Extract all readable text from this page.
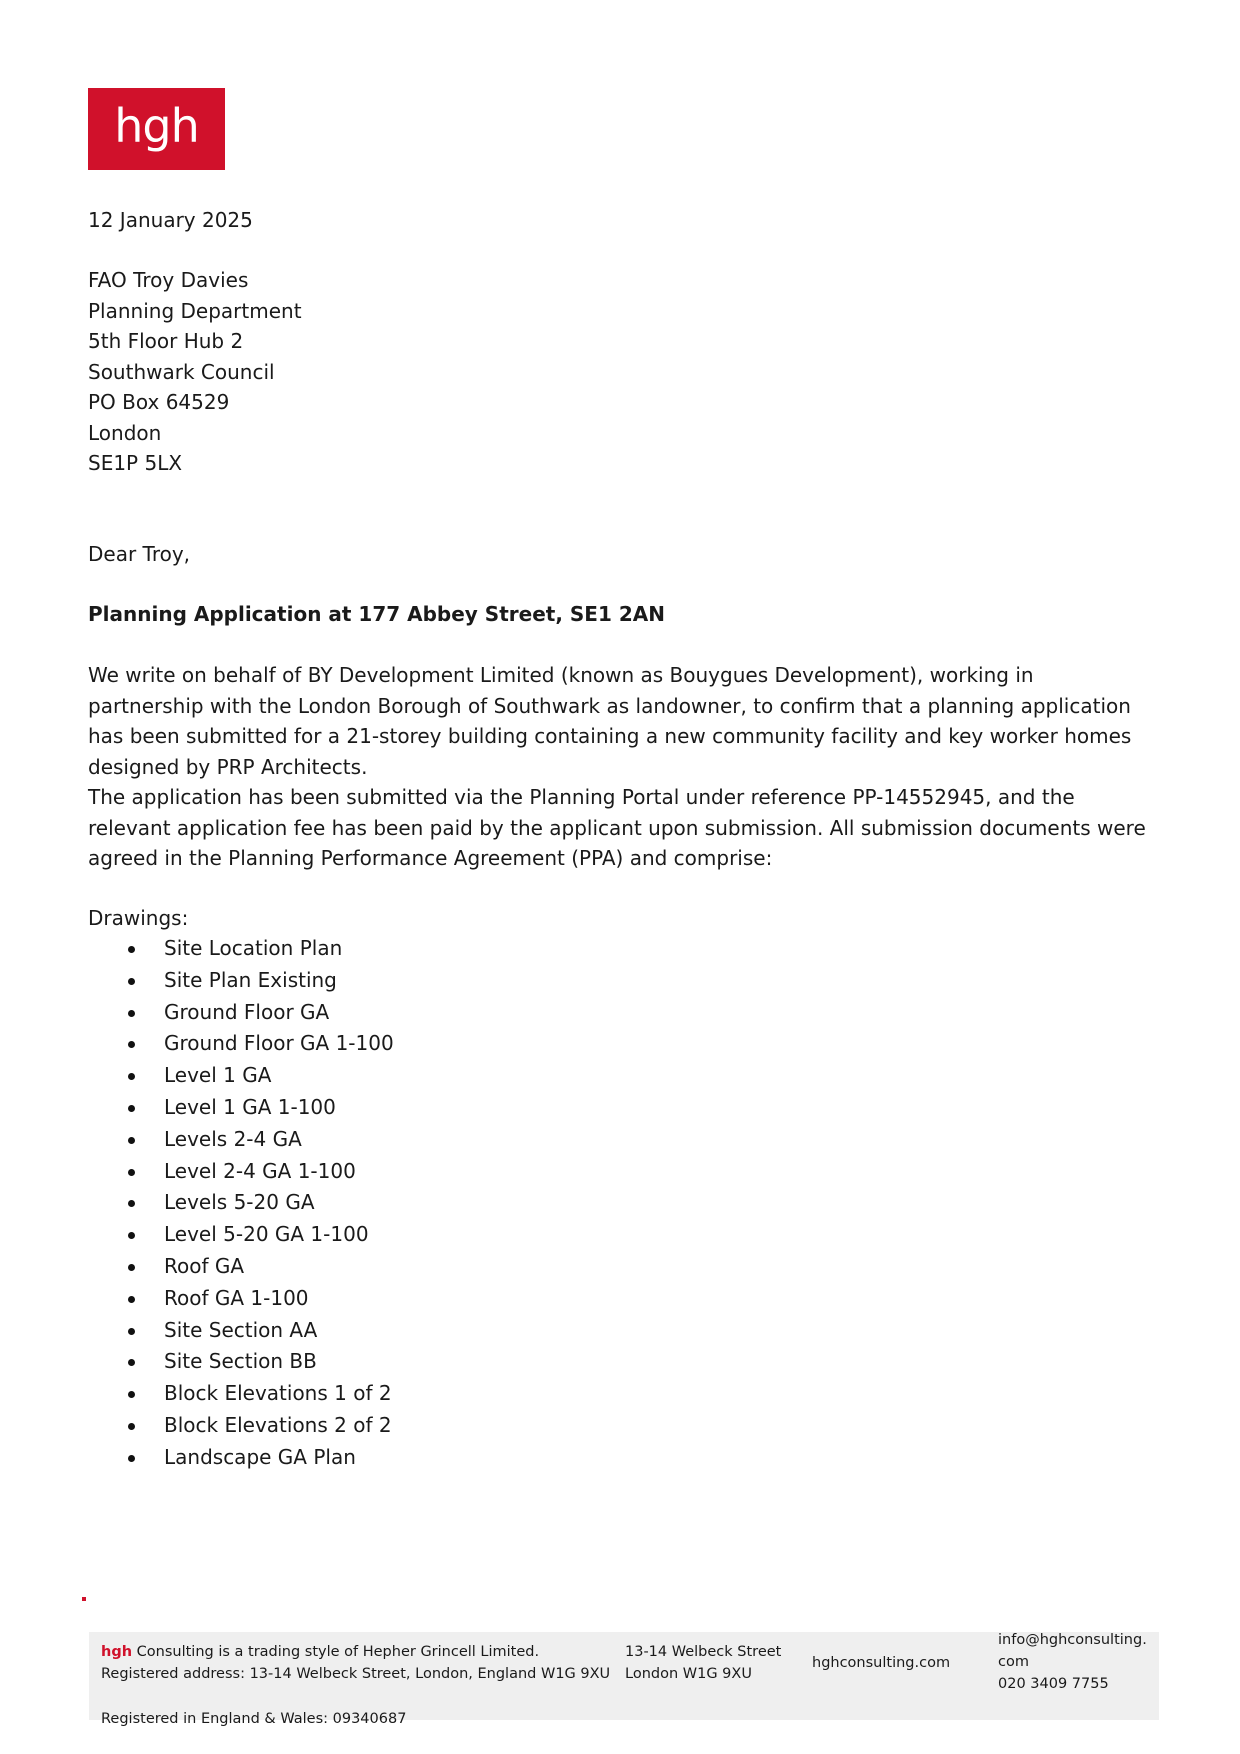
hgh
12 January 2025
FAO Troy Davies
Planning Department
5th Floor Hub 2
Southwark Council
PO Box 64529
London
SE1P 5LX
Dear Troy,
Planning Application at 177 Abbey Street, SE1 2AN
We write on behalf of BY Development Limited (known as Bouygues Development), working in partnership with the London Borough of Southwark as landowner, to confirm that a planning application has been submitted for a 21-storey building containing a new community facility and key worker homes designed by PRP Architects.
The application has been submitted via the Planning Portal under reference PP-14552945, and the relevant application fee has been paid by the applicant upon submission. All submission documents were agreed in the Planning Performance Agreement (PPA) and comprise:
Drawings:
Site Location Plan
Site Plan Existing
Ground Floor GA
Ground Floor GA 1-100
Level 1 GA
Level 1 GA 1-100
Levels 2-4 GA
Level 2-4 GA 1-100
Levels 5-20 GA
Level 5-20 GA 1-100
Roof GA
Roof GA 1-100
Site Section AA
Site Section BB
Block Elevations 1 of 2
Block Elevations 2 of 2
Landscape GA Plan
hgh Consulting is a trading style of Hepher Grincell Limited.
Registered address: 13-14 Welbeck Street, London, England W1G 9XU
Registered in England & Wales: 09340687
13-14 Welbeck Street
London W1G 9XU
hghconsulting.com
info@hghconsulting.
com
020 3409 7755
